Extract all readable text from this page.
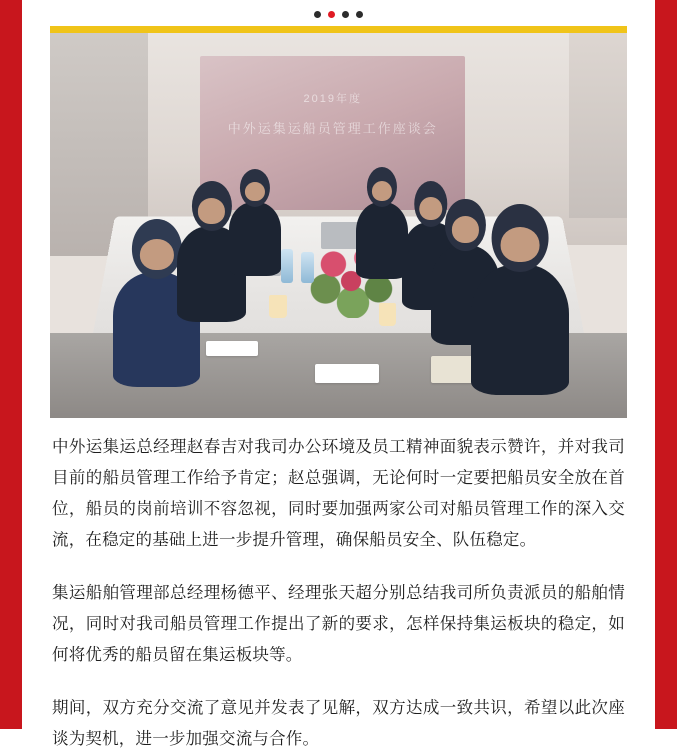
2019年度
中外运集运船员管理工作座谈会

中外运集运总经理赵春吉对我司办公环境及员工精神面貌表示赞许，并对我司目前的船员管理工作给予肯定；赵总强调，无论何时一定要把船员安全放在首位，船员的岗前培训不容忽视，同时要加强两家公司对船员管理工作的深入交流，在稳定的基础上进一步提升管理，确保船员安全、队伍稳定。

集运船舶管理部总经理杨德平、经理张天超分别总结我司所负责派员的船舶情况，同时对我司船员管理工作提出了新的要求，怎样保持集运板块的稳定，如何将优秀的船员留在集运板块等。

期间，双方充分交流了意见并发表了见解，双方达成一致共识，希望以此次座谈为契机，进一步加强交流与合作。
